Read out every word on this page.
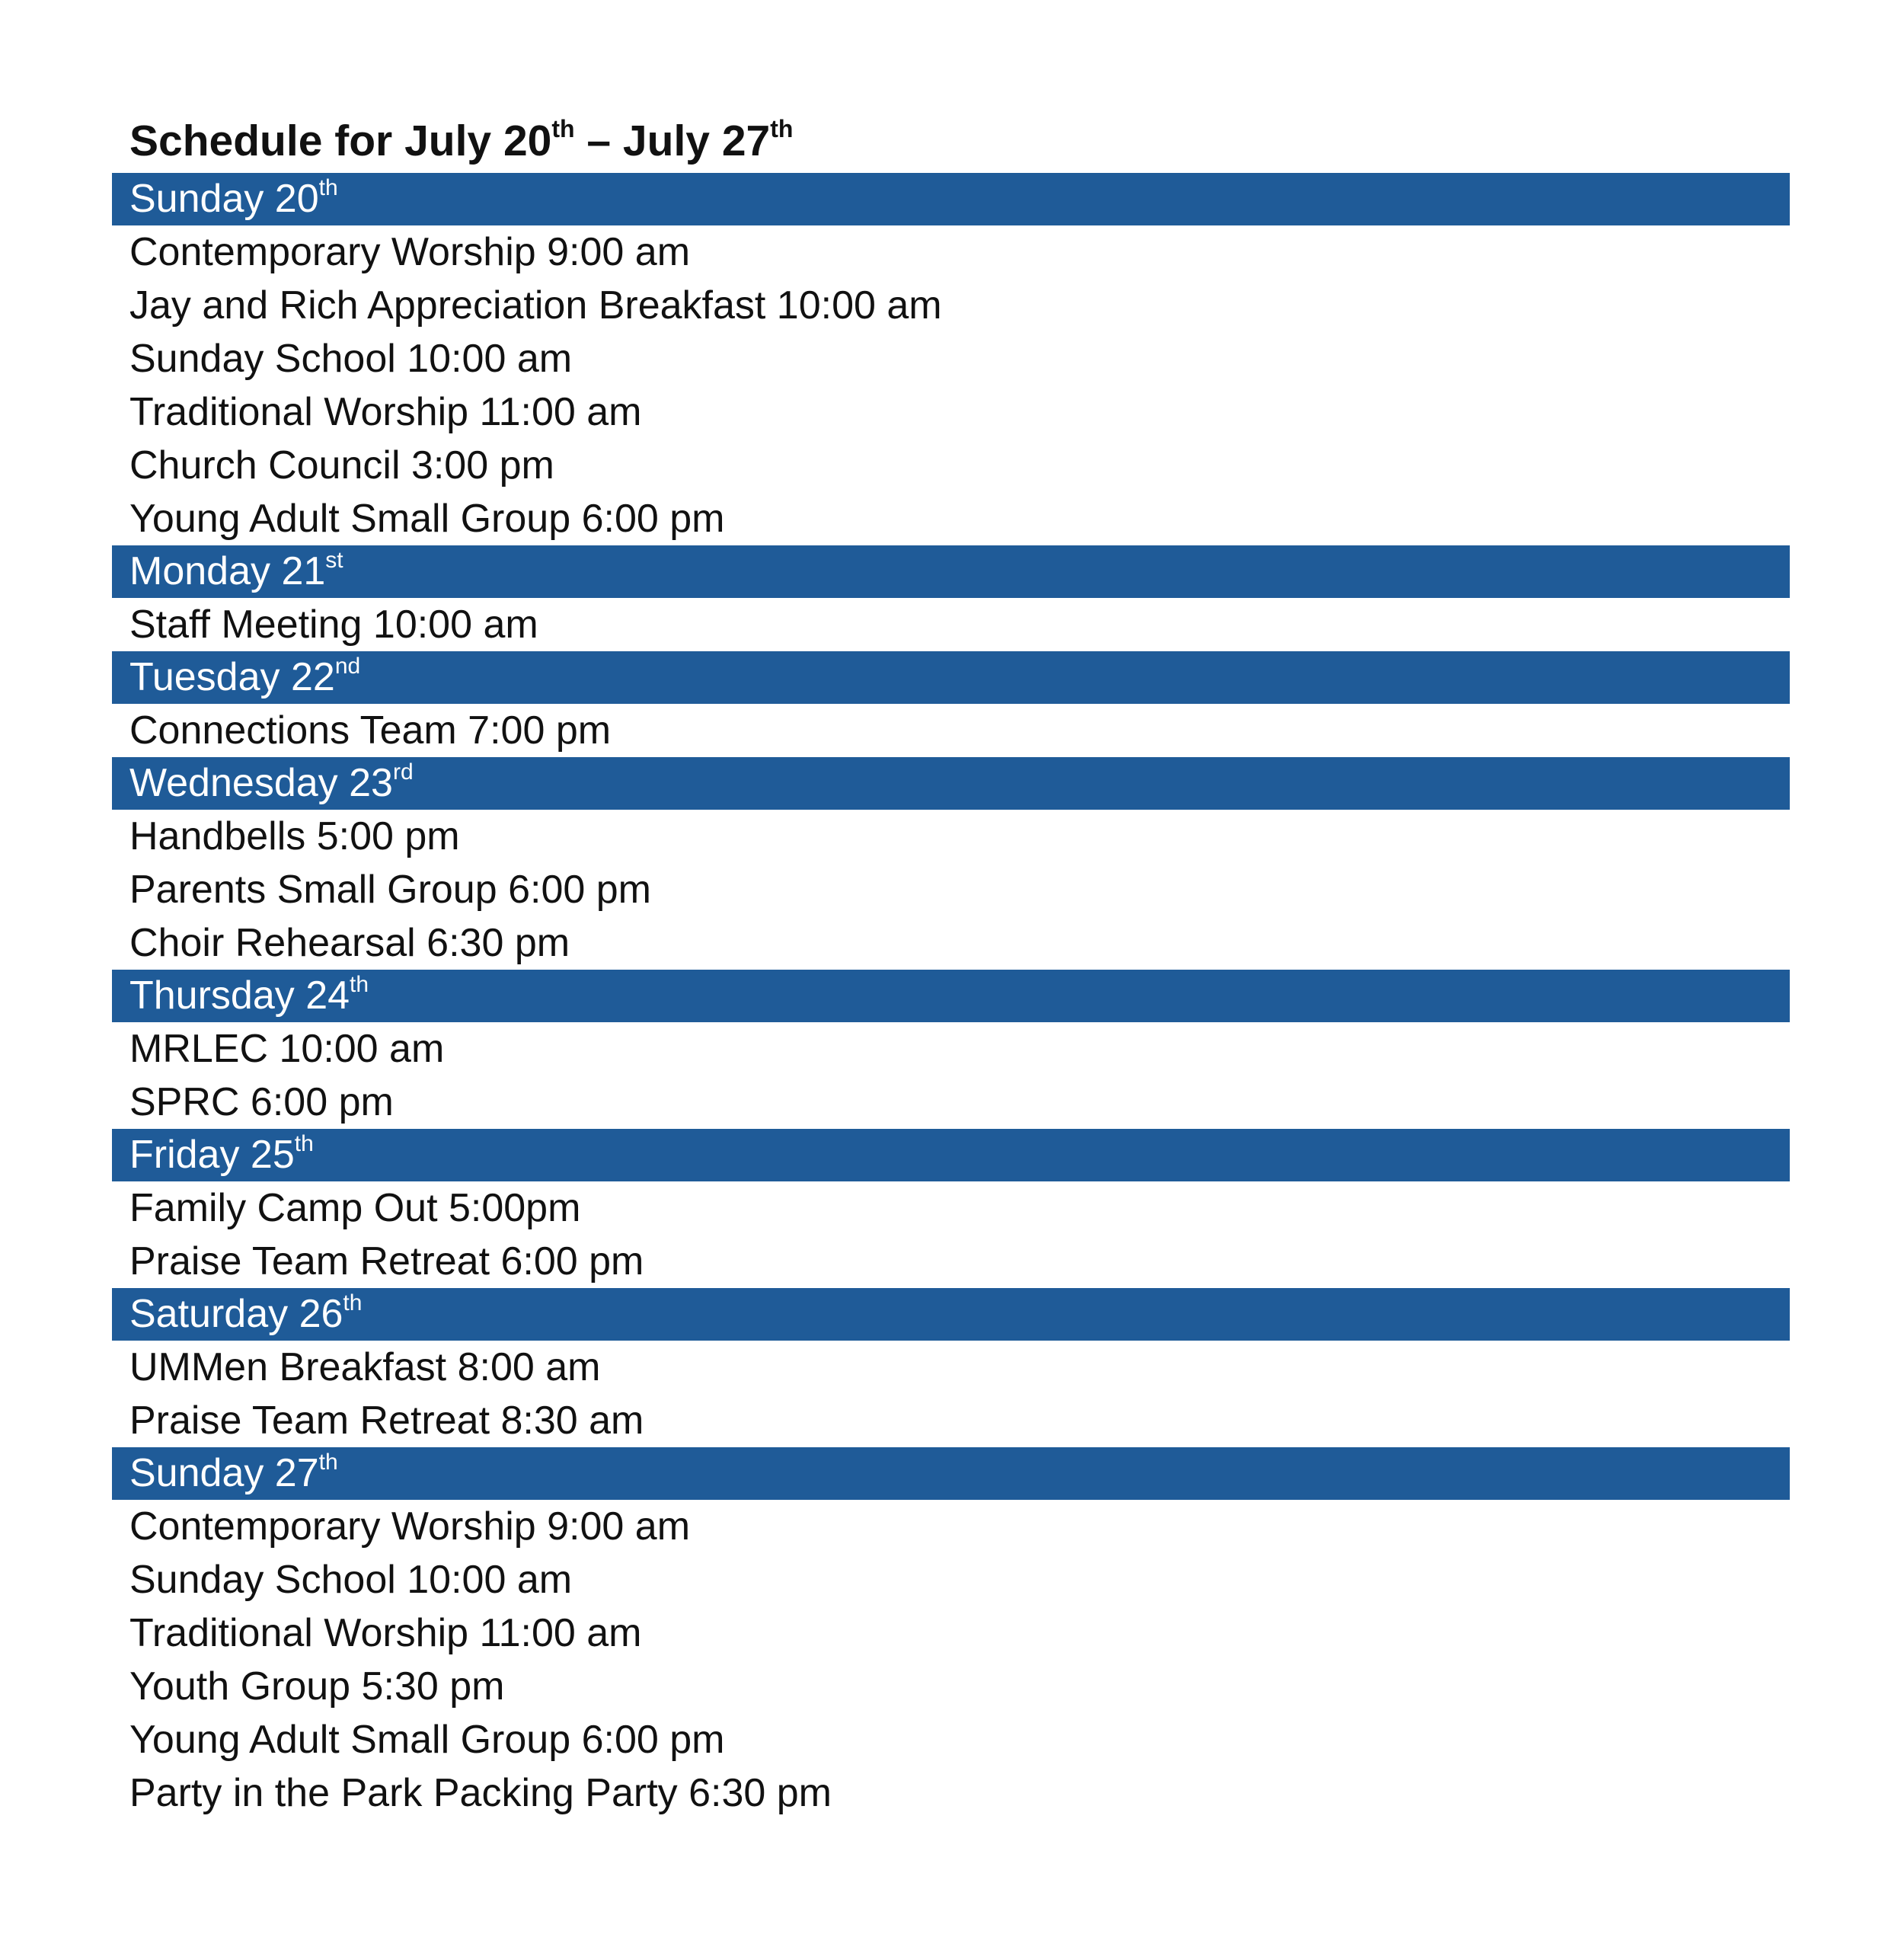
Schedule for July 20th – July 27th
Sunday 20th
Contemporary Worship 9:00 am
Jay and Rich Appreciation Breakfast 10:00 am
Sunday School 10:00 am
Traditional Worship 11:00 am
Church Council 3:00 pm
Young Adult Small Group 6:00 pm
Monday 21st
Staff Meeting 10:00 am
Tuesday 22nd
Connections Team 7:00 pm
Wednesday 23rd
Handbells 5:00 pm
Parents Small Group 6:00 pm
Choir Rehearsal 6:30 pm
Thursday 24th
MRLEC 10:00 am
SPRC 6:00 pm
Friday 25th
Family Camp Out 5:00pm
Praise Team Retreat 6:00 pm
Saturday 26th
UMMen Breakfast 8:00 am
Praise Team Retreat 8:30 am
Sunday 27th
Contemporary Worship 9:00 am
Sunday School 10:00 am
Traditional Worship 11:00 am
Youth Group 5:30 pm
Young Adult Small Group 6:00 pm
Party in the Park Packing Party 6:30 pm
